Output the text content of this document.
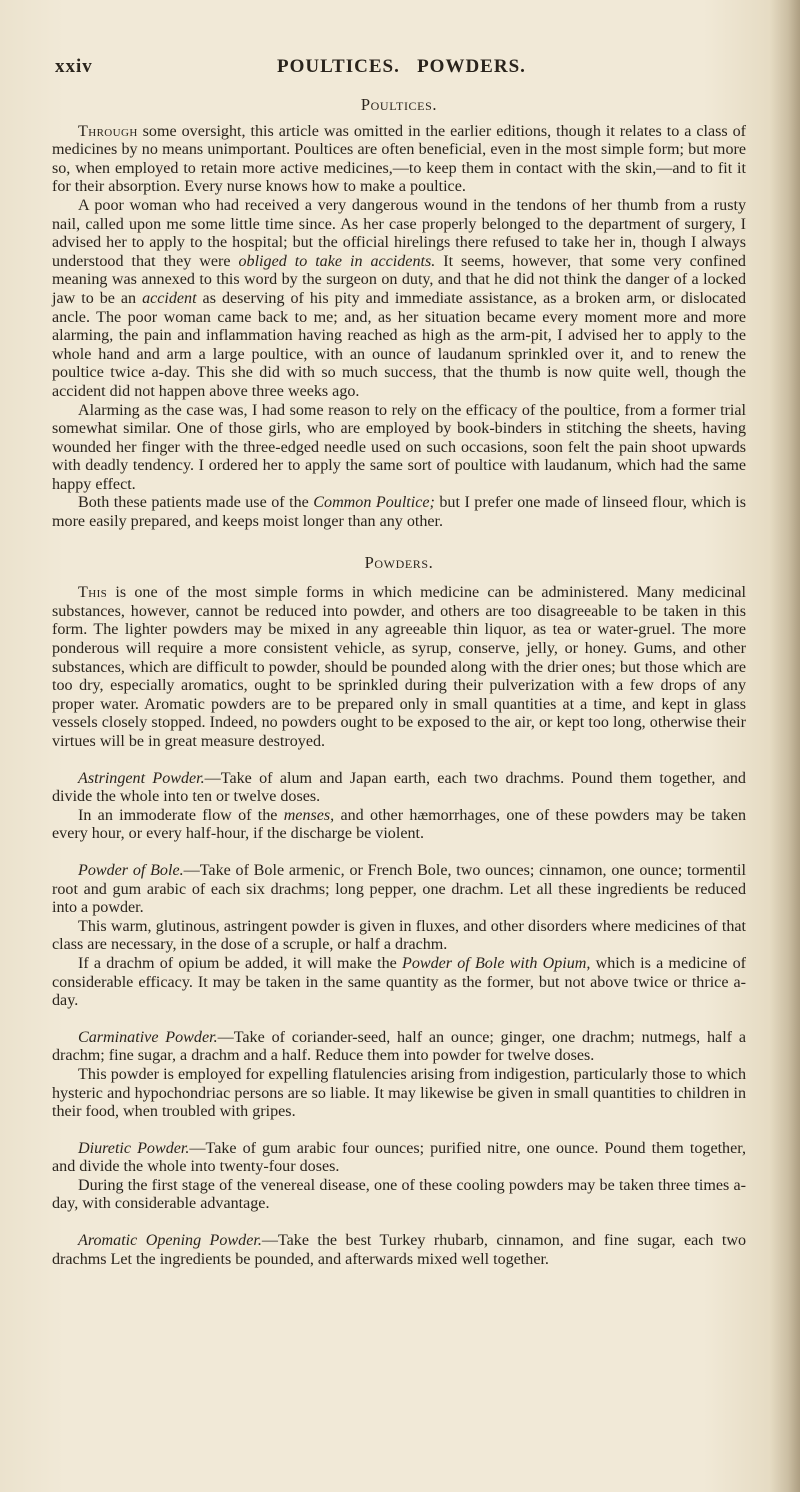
xxiv	POULTICES.   POWDERS.
Poultices.

Through some oversight, this article was omitted in the earlier editions, though it relates to a class of medicines by no means unimportant. Poultices are often beneficial, even in the most simple form; but more so, when employed to retain more active medicines,—to keep them in contact with the skin,—and to fit it for their absorption. Every nurse knows how to make a poultice.

A poor woman who had received a very dangerous wound in the tendons of her thumb from a rusty nail, called upon me some little time since. As her case properly belonged to the department of surgery, I advised her to apply to the hospital; but the official hirelings there refused to take her in, though I always understood that they were obliged to take in accidents. It seems, however, that some very confined meaning was annexed to this word by the surgeon on duty, and that he did not think the danger of a locked jaw to be an accident as deserving of his pity and immediate assistance, as a broken arm, or dislocated ancle. The poor woman came back to me; and, as her situation became every moment more and more alarming, the pain and inflammation having reached as high as the arm-pit, I advised her to apply to the whole hand and arm a large poultice, with an ounce of laudanum sprinkled over it, and to renew the poultice twice a-day. This she did with so much success, that the thumb is now quite well, though the accident did not happen above three weeks ago.

Alarming as the case was, I had some reason to rely on the efficacy of the poultice, from a former trial somewhat similar. One of those girls, who are employed by book-binders in stitching the sheets, having wounded her finger with the three-edged needle used on such occasions, soon felt the pain shoot upwards with deadly tendency. I ordered her to apply the same sort of poultice with laudanum, which had the same happy effect.

Both these patients made use of the Common Poultice; but I prefer one made of linseed flour, which is more easily prepared, and keeps moist longer than any other.

Powders.

This is one of the most simple forms in which medicine can be administered. Many medicinal substances, however, cannot be reduced into powder, and others are too disagreeable to be taken in this form. The lighter powders may be mixed in any agreeable thin liquor, as tea or water-gruel. The more ponderous will require a more consistent vehicle, as syrup, conserve, jelly, or honey. Gums, and other substances, which are difficult to powder, should be pounded along with the drier ones; but those which are too dry, especially aromatics, ought to be sprinkled during their pulverization with a few drops of any proper water. Aromatic powders are to be prepared only in small quantities at a time, and kept in glass vessels closely stopped. Indeed, no powders ought to be exposed to the air, or kept too long, otherwise their virtues will be in great measure destroyed.

Astringent Powder.—Take of alum and Japan earth, each two drachms. Pound them together, and divide the whole into ten or twelve doses.

In an immoderate flow of the menses, and other hæmorrhages, one of these powders may be taken every hour, or every half-hour, if the discharge be violent.

Powder of Bole.—Take of Bole armenic, or French Bole, two ounces; cinnamon, one ounce; tormentil root and gum arabic of each six drachms; long pepper, one drachm. Let all these ingredients be reduced into a powder.

This warm, glutinous, astringent powder is given in fluxes, and other disorders where medicines of that class are necessary, in the dose of a scruple, or half a drachm.

If a drachm of opium be added, it will make the Powder of Bole with Opium, which is a medicine of considerable efficacy. It may be taken in the same quantity as the former, but not above twice or thrice a-day.

Carminative Powder.—Take of coriander-seed, half an ounce; ginger, one drachm; nutmegs, half a drachm; fine sugar, a drachm and a half. Reduce them into powder for twelve doses.

This powder is employed for expelling flatulencies arising from indigestion, particularly those to which hysteric and hypochondriac persons are so liable. It may likewise be given in small quantities to children in their food, when troubled with gripes.

Diuretic Powder.—Take of gum arabic four ounces; purified nitre, one ounce. Pound them together, and divide the whole into twenty-four doses.

During the first stage of the venereal disease, one of these cooling powders may be taken three times a-day, with considerable advantage.

Aromatic Opening Powder.—Take the best Turkey rhubarb, cinnamon, and fine sugar, each two drachms Let the ingredients be pounded, and afterwards mixed well together.
